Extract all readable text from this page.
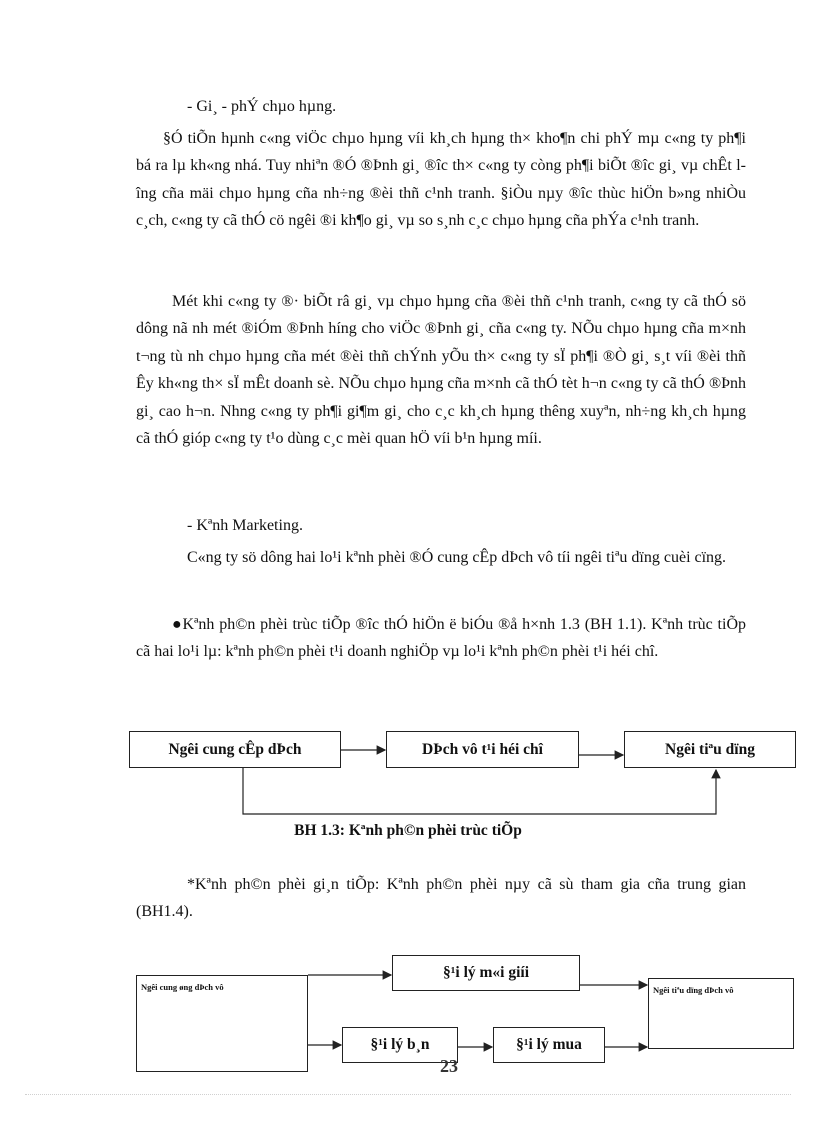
- Gi¸ - phÝ chµo hµng.
§Ó tiÕn hµnh c«ng viÖc chµo hµng víi kh¸ch hµng th× kho¶n chi phÝ mµ c«ng ty ph¶i bá ra lµ kh«ng nhá. Tuy nhiªn ®Ó ®Þnh gi¸ ®îc th× c«ng ty còng ph¶i biÕt ®îc gi¸ vµ chÊt lîng cña mäi chµo hµng cña nh÷ng ®èi thñ c¹nh tranh. §iÒu nµy ®îc thùc hiÖn b»ng nhiÒu c¸ch, c«ng ty cã thÓ cö ngêi ®i kh¶o gi¸ vµ so s¸nh c¸c chµo hµng cña phÝa c¹nh tranh.
Mét khi c«ng ty ®· biÕt râ gi¸ vµ chµo hµng cña ®èi thñ c¹nh tranh, c«ng ty cã thÓ sö dông nã nh mét ®iÓm ®Þnh híng cho viÖc ®Þnh gi¸ cña c«ng ty. NÕu chµo hµng cña m×nh t¬ng tù nh chµo hµng cña mét ®èi thñ chÝnh yÕu th× c«ng ty sÏ ph¶i ®Ò gi¸ s¸t víi ®èi thñ Êy kh«ng th× sÏ mÊt doanh sè. NÕu chµo hµng cña m×nh cã thÓ tèt h¬n c«ng ty cã thÓ ®Þnh gi¸ cao h¬n. Nhng c«ng ty ph¶i gi¶m gi¸ cho c¸c kh¸ch hµng thêng xuyªn, nh÷ng kh¸ch hµng cã thÓ gióp c«ng ty t¹o dùng c¸c mèi quan hÖ víi b¹n hµng míi.
- Kªnh Marketing.
C«ng ty sö dông hai lo¹i kªnh phèi ®Ó cung cÊp dÞch vô tíi ngêi tiªu dïng cuèi cïng.
●Kªnh ph©n phèi trùc tiÕp ®îc thÓ hiÖn ë biÓu ®å h×nh 1.3 (BH 1.1). Kªnh trùc tiÕp cã hai lo¹i lµ: kªnh ph©n phèi t¹i doanh nghiÖp vµ lo¹i kªnh ph©n phèi t¹i héi chî.
Ngêi cung cÊp dÞch	DÞch vô t¹i héi chî	Ngêi tiªu dïng
BH 1.3: Kªnh ph©n phèi trùc tiÕp
*Kªnh ph©n phèi gi¸n tiÕp: Kªnh ph©n phèi nµy cã sù tham gia cña trung gian (BH1.4).
Ngêi cung øng dÞch vô
§¹i lý m«i giíi
§¹i lý b¸n	§¹i lý mua
Ngêi tiªu dïng dÞch vô
23
